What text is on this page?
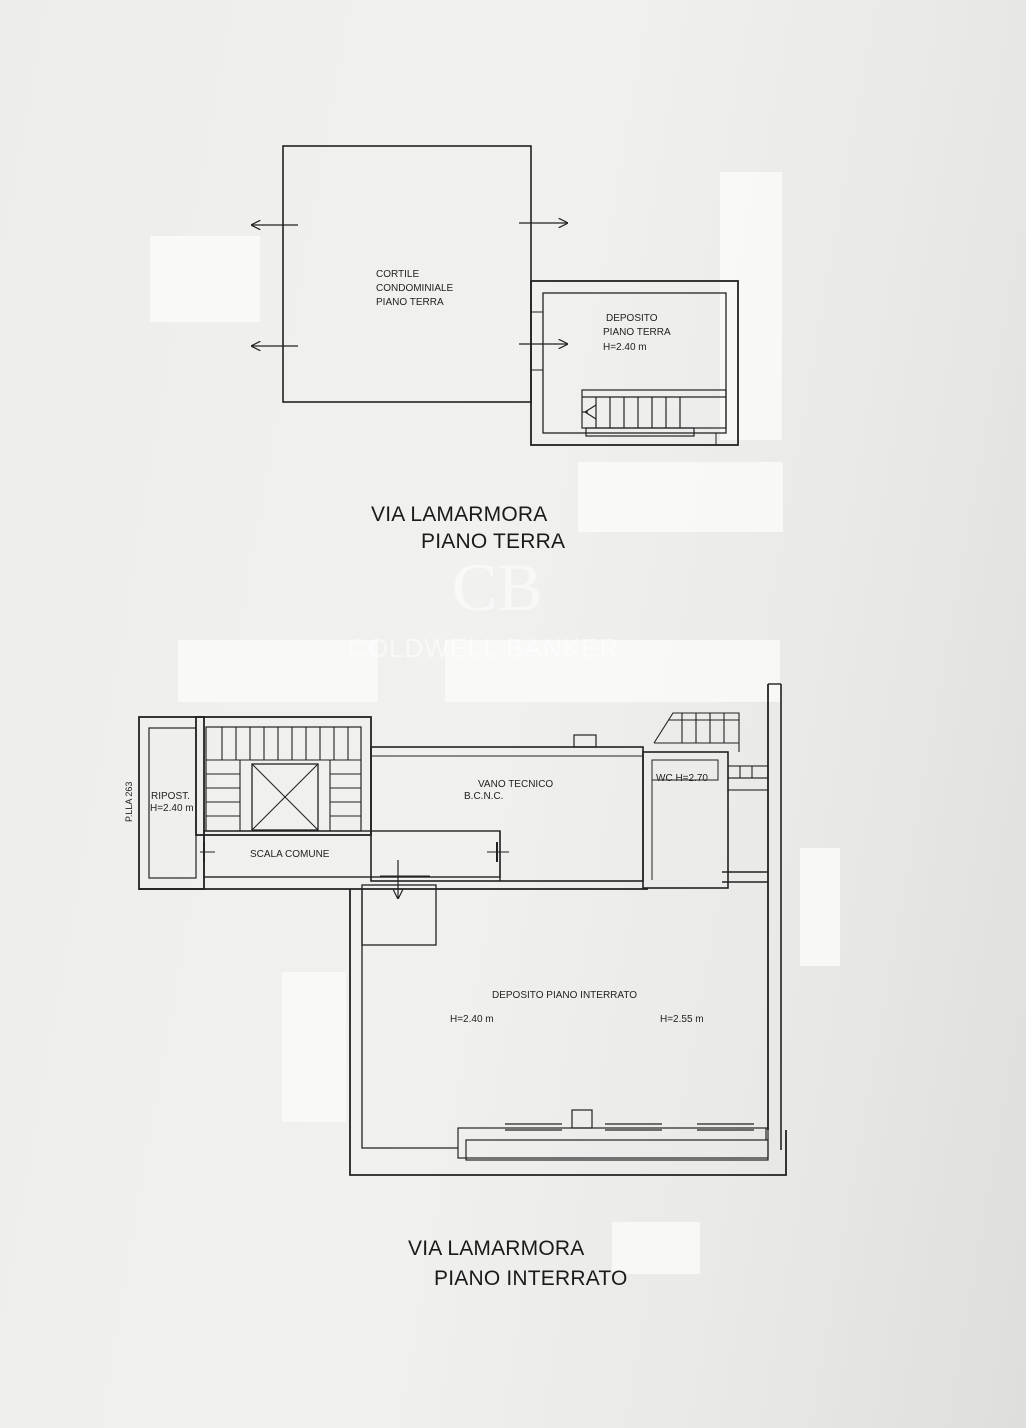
CORTILE
CONDOMINIALE
PIANO TERRA
DEPOSITO
PIANO TERRA
H=2.40 m
RIPOST.
H=2.40 m
P.LLA 263	VANO TECNICO
B.C.N.C.
WC H=2.70
SCALA COMUNE
DEPOSITO PIANO INTERRATO
H=2.40 m	H=2.55 m
CB
COLDWELL BANKER
VIA LAMARMORA
PIANO TERRA
VIA LAMARMORA
PIANO INTERRATO
